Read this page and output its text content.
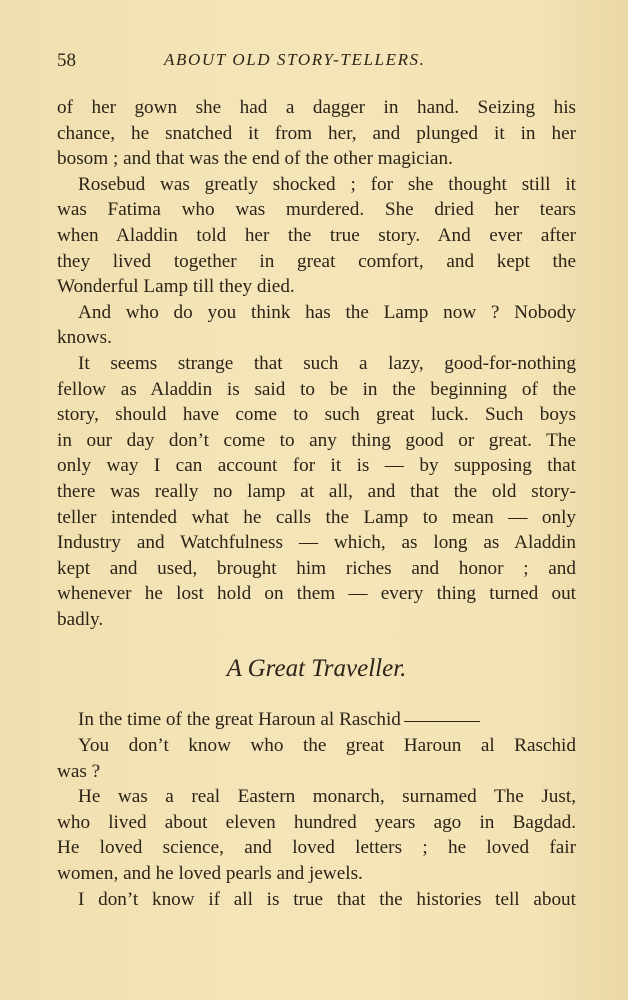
58	ABOUT OLD STORY-TELLERS.
of her gown she had a dagger in hand. Seizing his
chance, he snatched it from her, and plunged it in her
bosom ; and that was the end of the other magician.
Rosebud was greatly shocked ; for she thought still it
was Fatima who was murdered. She dried her tears
when Aladdin told her the true story. And ever after
they lived together in great comfort, and kept the
Wonderful Lamp till they died.
And who do you think has the Lamp now ? Nobody
knows.
It seems strange that such a lazy, good-for-nothing
fellow as Aladdin is said to be in the beginning of the
story, should have come to such great luck. Such boys
in our day don’t come to any thing good or great. The
only way I can account for it is — by supposing that
there was really no lamp at all, and that the old story-
teller intended what he calls the Lamp to mean — only
Industry and Watchfulness — which, as long as Aladdin
kept and used, brought him riches and honor ; and
whenever he lost hold on them — every thing turned out
badly.
A Great Traveller.
In the time of the great Haroun al Raschid
You don’t know who the great Haroun al Raschid
was ?
He was a real Eastern monarch, surnamed The Just,
who lived about eleven hundred years ago in Bagdad.
He loved science, and loved letters ; he loved fair
women, and he loved pearls and jewels.
I don’t know if all is true that the histories tell about
